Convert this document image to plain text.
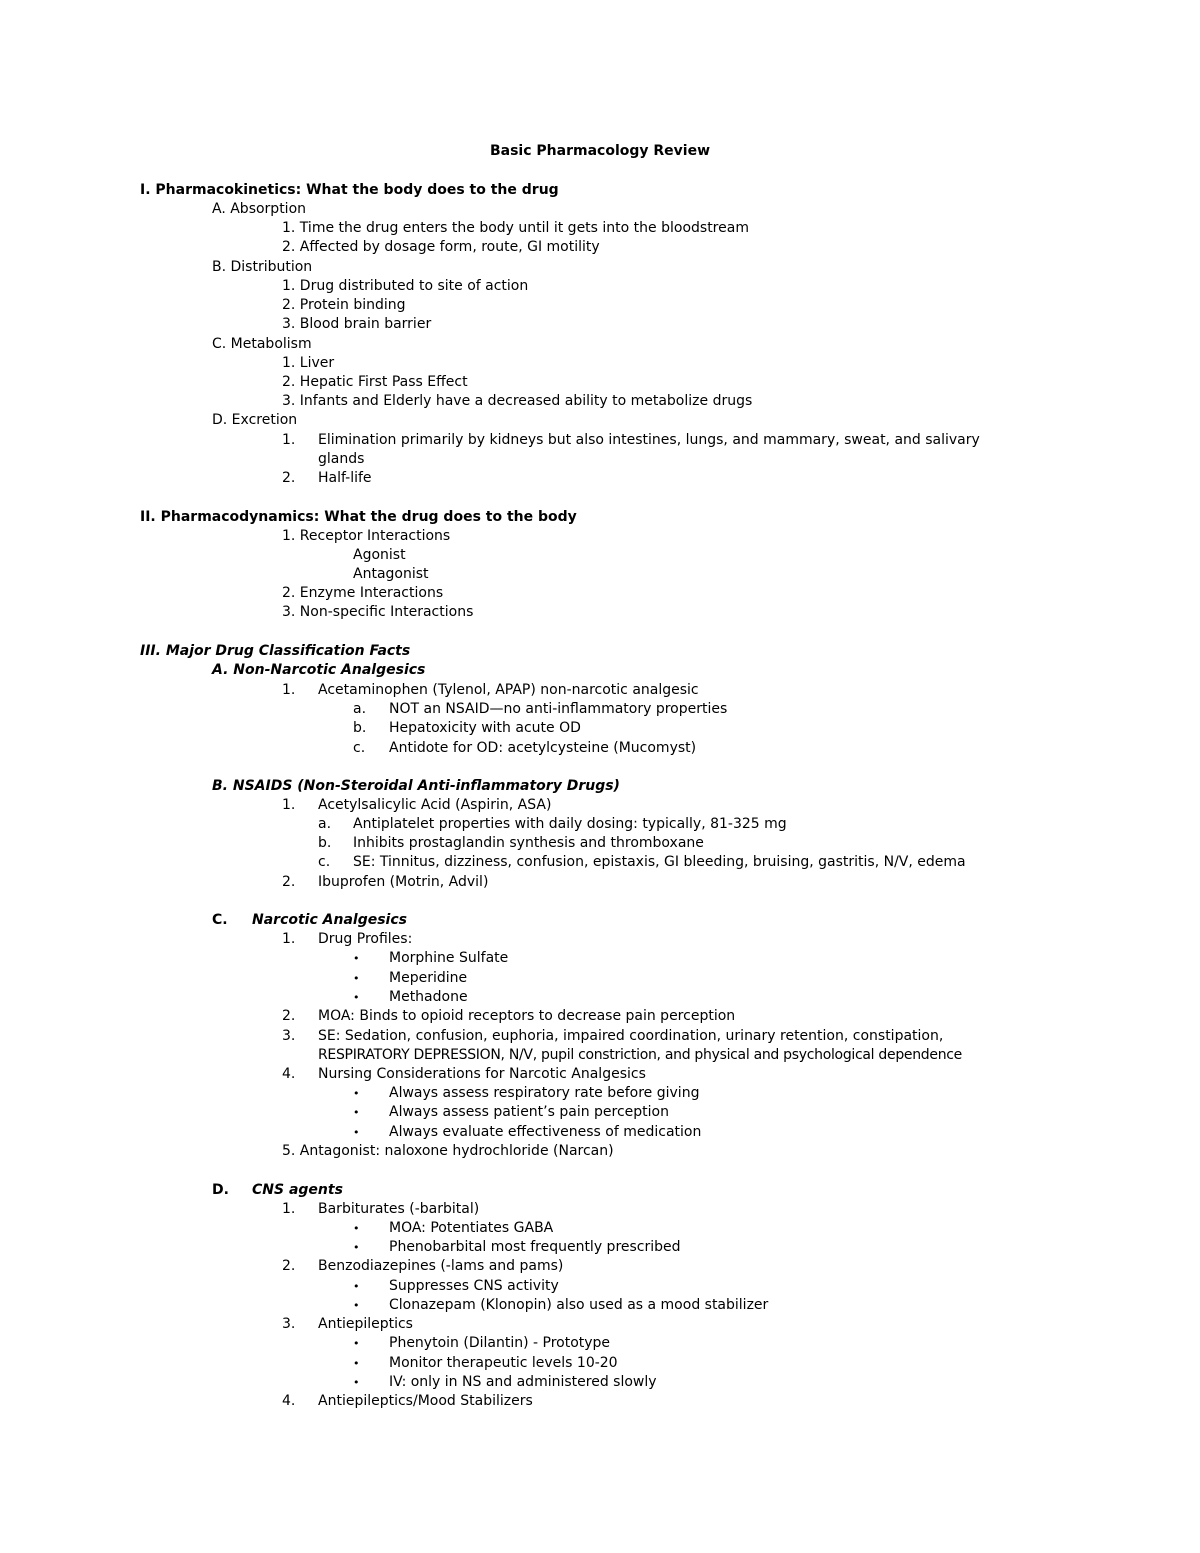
Basic Pharmacology Review
I. Pharmacokinetics: What the body does to the drug
A. Absorption
1. Time the drug enters the body until it gets into the bloodstream
2. Affected by dosage form, route, GI motility
B. Distribution
1. Drug distributed to site of action
2. Protein binding
3. Blood brain barrier
C. Metabolism
1. Liver
2. Hepatic First Pass Effect
3. Infants and Elderly have a decreased ability to metabolize drugs
D. Excretion
1. Elimination primarily by kidneys but also intestines, lungs, and mammary, sweat, and salivary
glands
2. Half-life
II. Pharmacodynamics: What the drug does to the body
1. Receptor Interactions
Agonist
Antagonist
2. Enzyme Interactions
3. Non-specific Interactions
III. Major Drug Classification Facts
A. Non-Narcotic Analgesics
1. Acetaminophen (Tylenol, APAP) non-narcotic analgesic
a. NOT an NSAID—no anti-inflammatory properties
b. Hepatoxicity with acute OD
c. Antidote for OD: acetylcysteine (Mucomyst)
B. NSAIDS (Non-Steroidal Anti-inflammatory Drugs)
1. Acetylsalicylic Acid (Aspirin, ASA)
a. Antiplatelet properties with daily dosing: typically, 81-325 mg
b. Inhibits prostaglandin synthesis and thromboxane
c. SE: Tinnitus, dizziness, confusion, epistaxis, GI bleeding, bruising, gastritis, N/V, edema
2. Ibuprofen (Motrin, Advil)
C. Narcotic Analgesics
1. Drug Profiles:
• Morphine Sulfate
• Meperidine
• Methadone
2. MOA: Binds to opioid receptors to decrease pain perception
3. SE: Sedation, confusion, euphoria, impaired coordination, urinary retention, constipation,
RESPIRATORY DEPRESSION, N/V, pupil constriction, and physical and psychological dependence
4. Nursing Considerations for Narcotic Analgesics
• Always assess respiratory rate before giving
• Always assess patient’s pain perception
• Always evaluate effectiveness of medication
5. Antagonist: naloxone hydrochloride (Narcan)
D. CNS agents
1. Barbiturates (-barbital)
• MOA: Potentiates GABA
• Phenobarbital most frequently prescribed
2. Benzodiazepines (-lams and pams)
• Suppresses CNS activity
• Clonazepam (Klonopin) also used as a mood stabilizer
3. Antiepileptics
• Phenytoin (Dilantin) - Prototype
• Monitor therapeutic levels 10-20
• IV: only in NS and administered slowly
4. Antiepileptics/Mood Stabilizers
